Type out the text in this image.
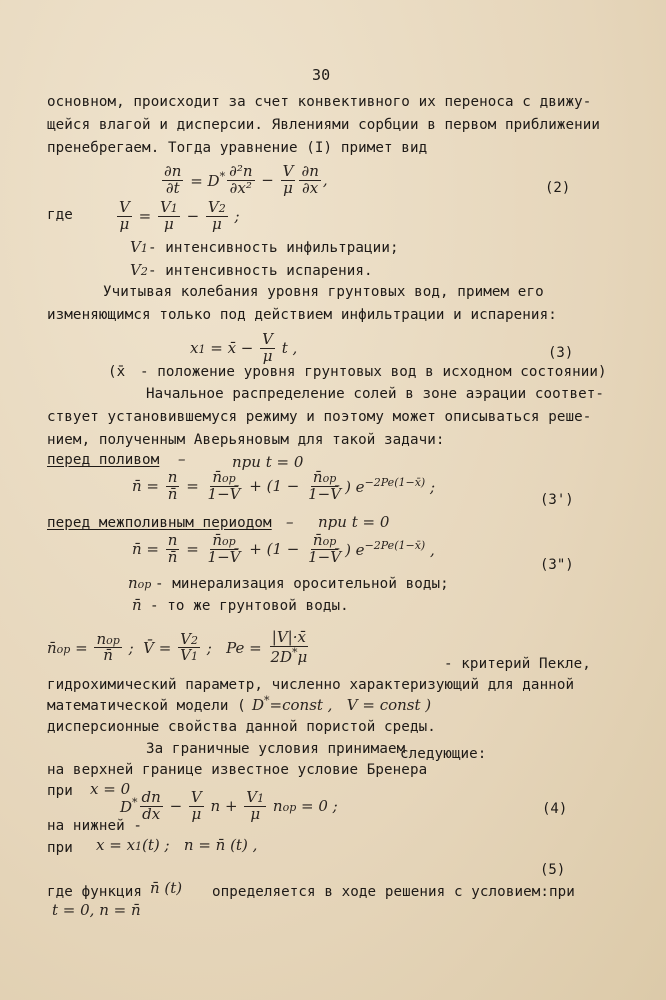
30
основном, происходит за счет конвективного их переноса с движу-
щейся влагой и дисперсии. Явлениями сорбции в первом приближении
пренебрегаем. Тогда уравнение (I) примет вид
$\frac{\partial n}{\partial t} = D^* \frac{\text{∂²n}}{\text{∂x²}} - \frac{V}{\mu} \frac{\partial n}{\partial x}$ ,	(2)
где	$\frac{V}{\mu} = \frac{V1}{\mu} - \frac{V2}{\mu}$ ;
V1 - интенсивность инфильтрации;
V2 - интенсивность испарения.
Учитывая колебания уровня грунтовых вод, примем его
изменяющимся только под действием инфильтрации и испарения:
x1 = x̄ − $\frac{V}{\mu}$ t ,	(3)
(x̄ - положение уровня грунтовых вод в исходном состоянии)
Начальное распределение солей в зоне аэрации соответ-
ствует установившемуся режиму и поэтому может описываться реше-
нием, полученным Аверьяновым для такой задачи:
перед поливом –	при t = 0
n̄ = $\frac{n}{n̄} = \frac{n̄op}{1-V̄} + (1 - \frac{n̄op}{1-V̄}$ ) $e^{-2Pe(1-x̄)}$ ;
(3')
перед межполивным периодом – при t = 0
n̄ = $\frac{n}{n̄} = \frac{n̄op}{1-V̄} + (1 - \frac{n̄op}{1-V̄}$ ) $e^{-2Pe(1-x̄)}$ ,
(3")
nop - минерализация оросительной воды;
n̄ - то же грунтовой воды.
n̄op = $\frac{\text{nop}}{n̄}$ ;  V̄ = $\frac{V2}{V1}$ ;   $Pe = \frac{|V|\cdot x̄}{2D^*\mu}$	- критерий Пекле,
гидрохимический параметр, численно характеризующий для данной
математической модели ( D*=const ,   V = const )
дисперсионные свойства данной пористой среды.
За граничные условия принимаем
следующие:
на верхней границе известное условие Бренера
при x = 0
$D^* \frac{dn}{dx} - \frac{V}{\mu}$ $n + \frac{V1}{\mu}$ nop = 0 ;	(4)
на нижней -
при x = x1(t) ;   n = n̄ (t) ,
(5)
где функция n̄ (t) определяется в ходе решения с условием:при
t = 0, n = n̄
